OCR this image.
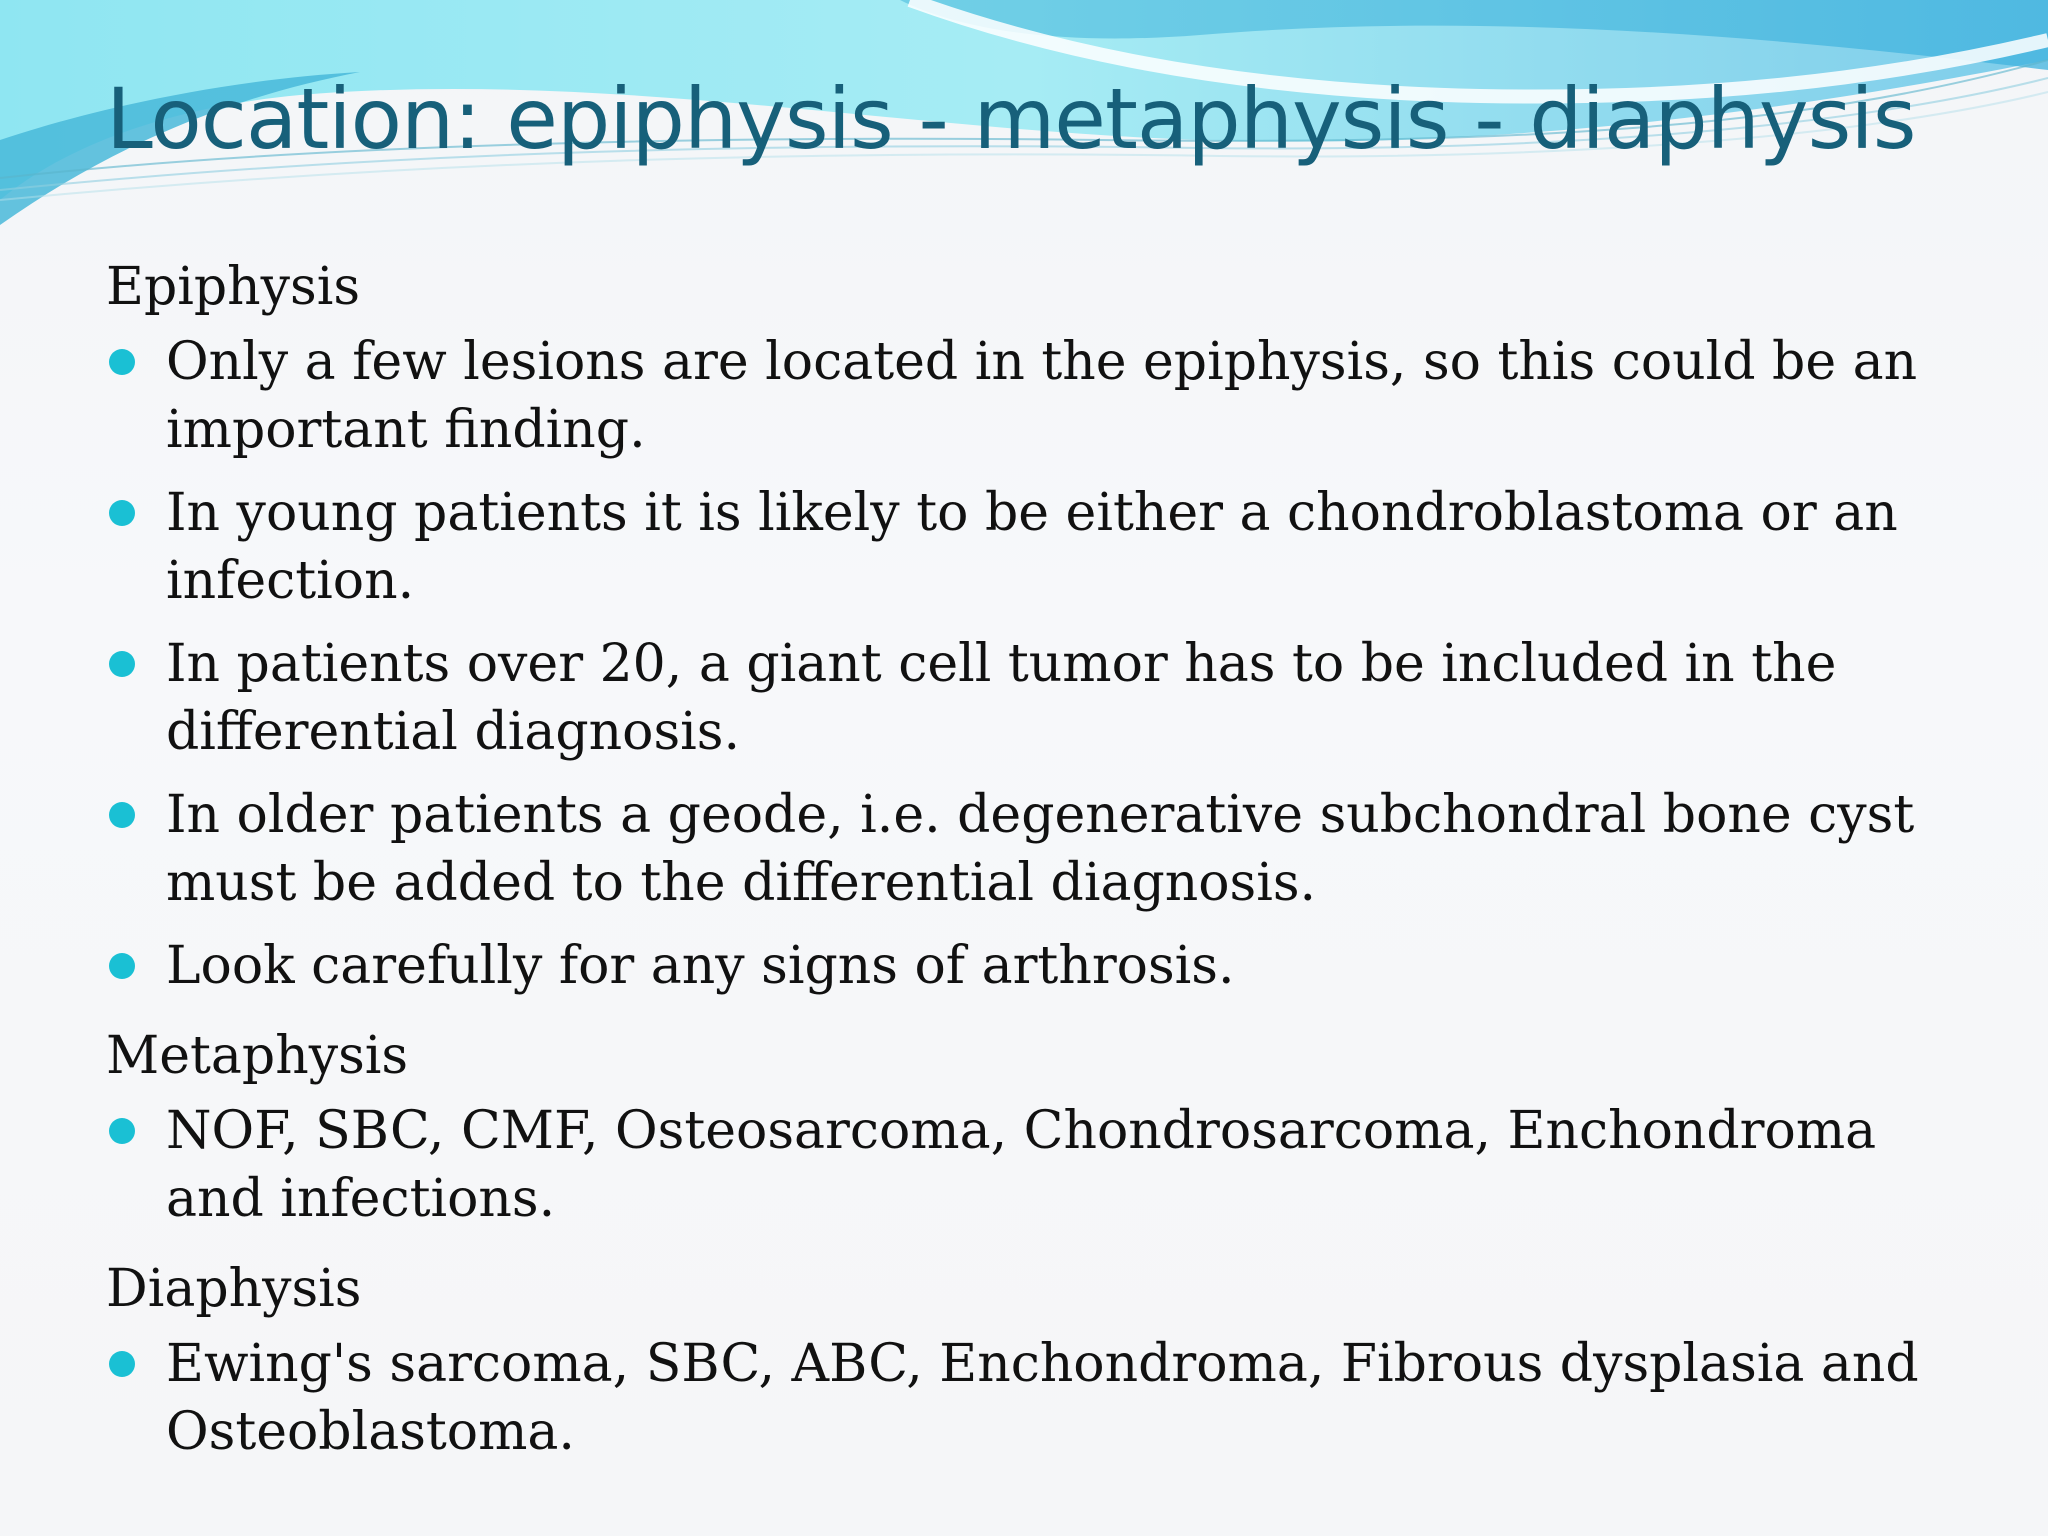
Location: epiphysis - metaphysis - diaphysis
Epiphysis
Only a few lesions are located in the epiphysis, so this could be an important finding.
In young patients it is likely to be either a chondroblastoma or an infection.
In patients over 20, a giant cell tumor has to be included in the differential diagnosis.
In older patients a geode, i.e. degenerative subchondral bone cyst must be added to the differential diagnosis.
Look carefully for any signs of arthrosis.
Metaphysis
NOF, SBC, CMF, Osteosarcoma, Chondrosarcoma, Enchondroma and infections.
Diaphysis
Ewing's sarcoma, SBC, ABC, Enchondroma, Fibrous dysplasia and Osteoblastoma.
